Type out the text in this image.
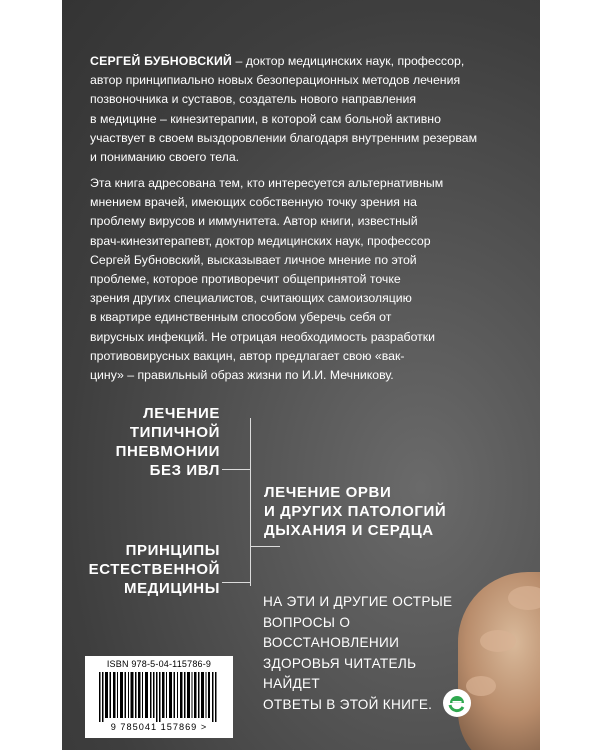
СЕРГЕЙ БУБНОВСКИЙ – доктор медицинских наук, профессор,
автор принципиально новых безоперационных методов лечения
позвоночника и суставов, создатель нового направления
в медицине – кинезитерапии, в которой сам больной активно
участвует в своем выздоровлении благодаря внутренним резервам
и пониманию своего тела.
Эта книга адресована тем, кто интересуется альтернативным
мнением врачей, имеющих собственную точку зрения на
проблему вирусов и иммунитета. Автор книги, известный
врач-кинезитерапевт, доктор медицинских наук, профессор
Сергей Бубновский, высказывает личное мнение по этой
проблеме, которое противоречит общепринятой точке
зрения других специалистов, считающих самоизоляцию
в квартире единственным способом уберечь себя от
вирусных инфекций. Не отрицая необходимость разработки
противовирусных вакцин, автор предлагает свою «вак-
цину» – правильный образ жизни по И.И. Мечникову.
ЛЕЧЕНИЕ
ТИПИЧНОЙ
ПНЕВМОНИИ
БЕЗ ИВЛ
ЛЕЧЕНИЕ ОРВИ
И ДРУГИХ ПАТОЛОГИЙ
ДЫХАНИЯ И СЕРДЦА
ПРИНЦИПЫ
ЕСТЕСТВЕННОЙ
МЕДИЦИНЫ
НА ЭТИ И ДРУГИЕ ОСТРЫЕ
ВОПРОСЫ О ВОССТАНОВЛЕНИИ
ЗДОРОВЬЯ ЧИТАТЕЛЬ НАЙДЕТ
ОТВЕТЫ В ЭТОЙ КНИГЕ.
ISBN 978-5-04-115786-9
9 785041 157869 >
